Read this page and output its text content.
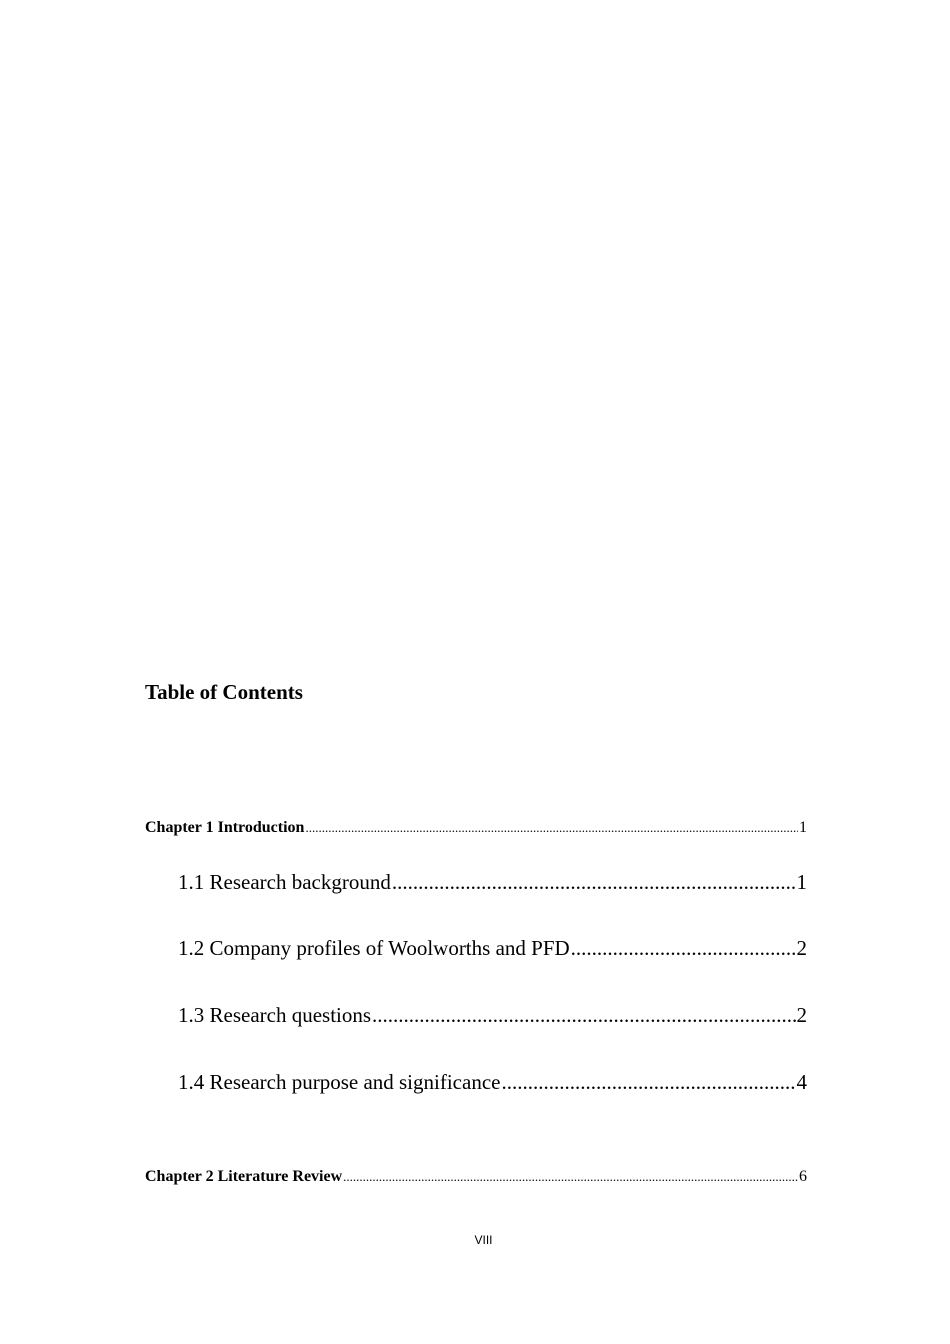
Table of Contents
Chapter 1 Introduction .....	1
1.1 Research background .....	1
1.2 Company profiles of Woolworths and PFD .....	2
1.3 Research questions .....	2
1.4 Research purpose and significance .....	4
Chapter 2 Literature Review .....	6
VIII
